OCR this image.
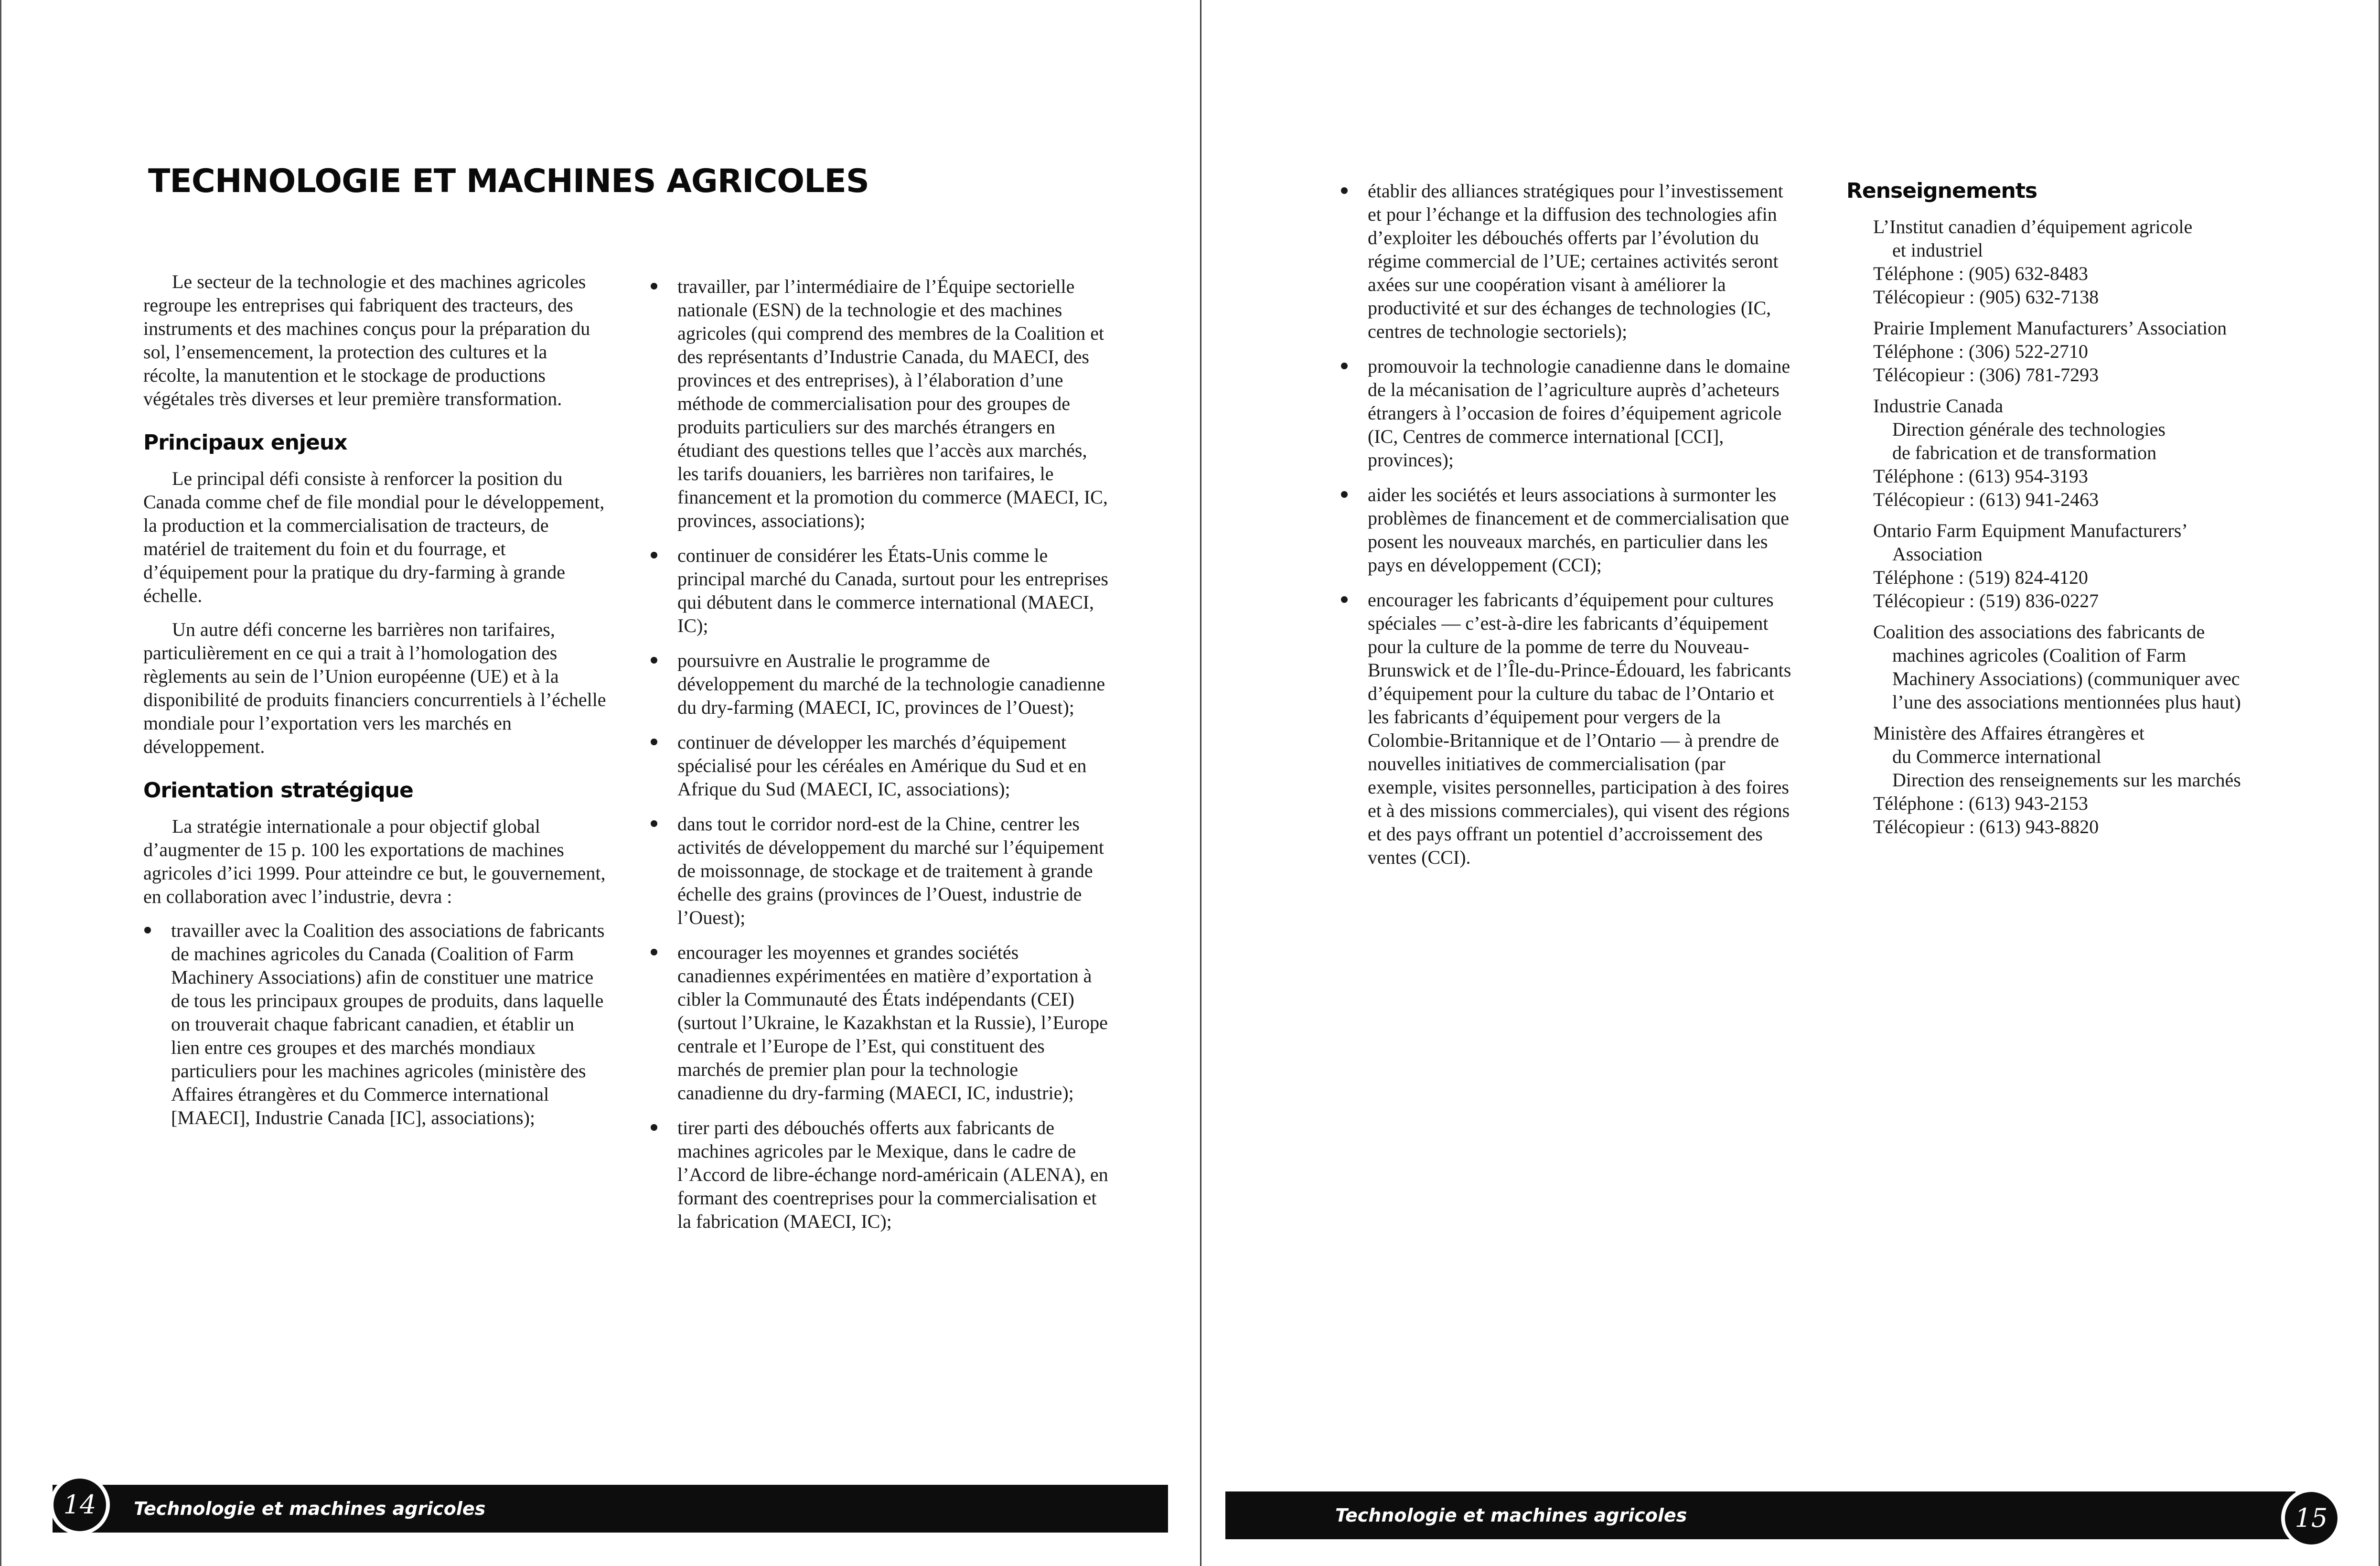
TECHNOLOGIE ET MACHINES AGRICOLES

Le secteur de la technologie et des machines agricoles regroupe les entreprises qui fabriquent des tracteurs, des instruments et des machines conçus pour la préparation du sol, l’ensemencement, la protection des cultures et la récolte, la manutention et le stockage de productions végétales très diverses et leur première transformation.

Principaux enjeux

Le principal défi consiste à renforcer la position du Canada comme chef de file mondial pour le développement, la production et la commercialisation de tracteurs, de matériel de traitement du foin et du fourrage, et d’équipement pour la pratique du dry-farming à grande échelle.

Un autre défi concerne les barrières non tarifaires, particulièrement en ce qui a trait à l’homologation des règlements au sein de l’Union européenne (UE) et à la disponibilité de produits financiers concurrentiels à l’échelle mondiale pour l’exportation vers les marchés en développement.

Orientation stratégique

La stratégie internationale a pour objectif global d’augmenter de 15 p. 100 les exportations de machines agricoles d’ici 1999. Pour atteindre ce but, le gouvernement, en collaboration avec l’industrie, devra :

travailler avec la Coalition des associations de fabricants de machines agricoles du Canada (Coalition of Farm Machinery Associations) afin de constituer une matrice de tous les principaux groupes de produits, dans laquelle on trouverait chaque fabricant canadien, et établir un lien entre ces groupes et des marchés mondiaux particuliers pour les machines agricoles (ministère des Affaires étrangères et du Commerce international [MAECI], Industrie Canada [IC], associations);
travailler, par l’intermédiaire de l’Équipe sectorielle nationale (ESN) de la technologie et des machines agricoles (qui comprend des membres de la Coalition et des représentants d’Industrie Canada, du MAECI, des provinces et des entreprises), à l’élaboration d’une méthode de commercialisation pour des groupes de produits particuliers sur des marchés étrangers en étudiant des questions telles que l’accès aux marchés, les tarifs douaniers, les barrières non tarifaires, le financement et la promotion du commerce (MAECI, IC, provinces, associations);
continuer de considérer les États-Unis comme le principal marché du Canada, surtout pour les entreprises qui débutent dans le commerce international (MAECI, IC);
poursuivre en Australie le programme de développement du marché de la technologie canadienne du dry-farming (MAECI, IC, provinces de l’Ouest);
continuer de développer les marchés d’équipement spécialisé pour les céréales en Amérique du Sud et en Afrique du Sud (MAECI, IC, associations);
dans tout le corridor nord-est de la Chine, centrer les activités de développement du marché sur l’équipement de moissonnage, de stockage et de traitement à grande échelle des grains (provinces de l’Ouest, industrie de l’Ouest);
encourager les moyennes et grandes sociétés canadiennes expérimentées en matière d’exportation à cibler la Communauté des États indépendants (CEI) (surtout l’Ukraine, le Kazakhstan et la Russie), l’Europe centrale et l’Europe de l’Est, qui constituent des marchés de premier plan pour la technologie canadienne du dry-farming (MAECI, IC, industrie);
tirer parti des débouchés offerts aux fabricants de machines agricoles par le Mexique, dans le cadre de l’Accord de libre-échange nord-américain (ALENA), en formant des coentreprises pour la commercialisation et la fabrication (MAECI, IC);
Technologie et machines agricoles
14
établir des alliances stratégiques pour l’investissement et pour l’échange et la diffusion des technologies afin d’exploiter les débouchés offerts par l’évolution du régime commercial de l’UE; certaines activités seront axées sur une coopération visant à améliorer la productivité et sur des échanges de technologies (IC, centres de technologie sectoriels);
promouvoir la technologie canadienne dans le domaine de la mécanisation de l’agriculture auprès d’acheteurs étrangers à l’occasion de foires d’équipement agricole (IC, Centres de commerce international [CCI], provinces);
aider les sociétés et leurs associations à surmonter les problèmes de financement et de commercialisation que posent les nouveaux marchés, en particulier dans les pays en développement (CCI);
encourager les fabricants d’équipement pour cultures spéciales — c’est-à-dire les fabricants d’équipement pour la culture de la pomme de terre du Nouveau-Brunswick et de l’Île-du-Prince-Édouard, les fabricants d’équipement pour la culture du tabac de l’Ontario et les fabricants d’équipement pour vergers de la Colombie-Britannique et de l’Ontario — à prendre de nouvelles initiatives de commercialisation (par exemple, visites personnelles, participation à des foires et à des missions commerciales), qui visent des régions et des pays offrant un potentiel d’accroissement des ventes (CCI).
Renseignements
L’Institut canadien d’équipement agricole
et industriel
Téléphone : (905) 632-8483
Télécopieur : (905) 632-7138
Prairie Implement Manufacturers’ Association
Téléphone : (306) 522-2710
Télécopieur : (306) 781-7293
Industrie Canada
Direction générale des technologies
de fabrication et de transformation
Téléphone : (613) 954-3193
Télécopieur : (613) 941-2463
Ontario Farm Equipment Manufacturers’
Association
Téléphone : (519) 824-4120
Télécopieur : (519) 836-0227
Coalition des associations des fabricants de
machines agricoles (Coalition of Farm
Machinery Associations) (communiquer avec
l’une des associations mentionnées plus haut)
Ministère des Affaires étrangères et
du Commerce international
Direction des renseignements sur les marchés
Téléphone : (613) 943-2153
Télécopieur : (613) 943-8820
Technologie et machines agricoles	15
